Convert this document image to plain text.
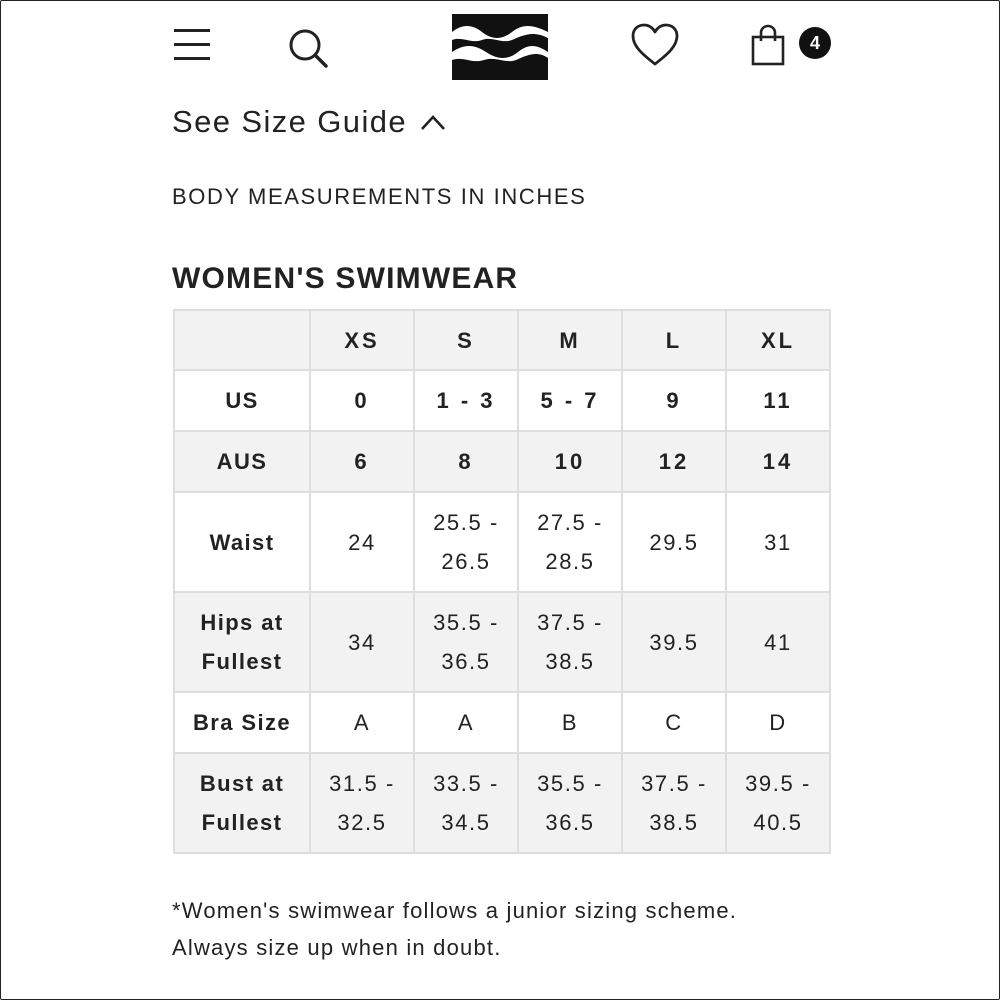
4
See Size Guide
BODY MEASUREMENTS IN INCHES
WOMEN'S SWIMWEAR
	XS	S	M	L	XL
US	0	1 - 3	5 - 7	9	11
AUS	6	8	10	12	14
Waist	24	25.5 - 26.5	27.5 - 28.5	29.5	31
Hips at Fullest	34	35.5 - 36.5	37.5 - 38.5	39.5	41
Bra Size	A	A	B	C	D
Bust at Fullest	31.5 - 32.5	33.5 - 34.5	35.5 - 36.5	37.5 - 38.5	39.5 - 40.5
*Women's swimwear follows a junior sizing scheme.
Always size up when in doubt.
